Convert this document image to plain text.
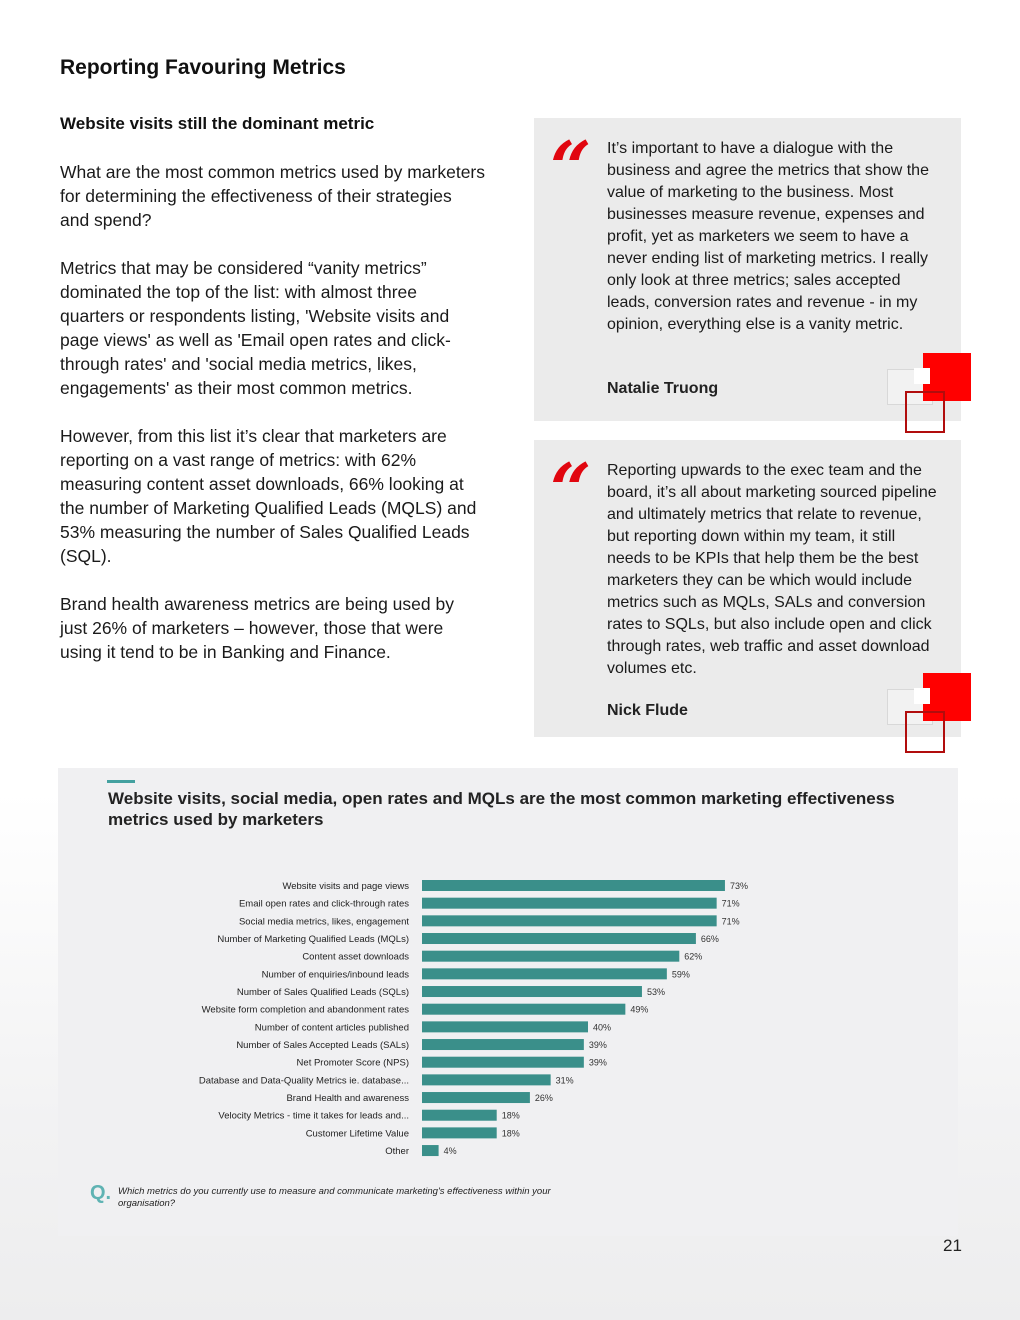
Reporting Favouring Metrics

Website visits still the dominant metric

What are the most common metrics used by marketers for determining the effectiveness of their strategies and spend?

Metrics that may be considered “vanity metrics” dominated the top of the list: with almost three quarters or respondents listing, 'Website visits and page views' as well as 'Email open rates and click-through rates' and 'social media metrics, likes, engagements' as their most common metrics.

However, from this list it’s clear that marketers are reporting on a vast range of metrics: with 62% measuring content asset downloads, 66% looking at the number of Marketing Qualified Leads (MQLS) and 53% measuring the number of Sales Qualified Leads (SQL).

Brand health awareness metrics are being used by just 26% of marketers – however, those that were using it tend to be in Banking and Finance.

“ It’s important to have a dialogue with the business and agree the metrics that show the value of marketing to the business. Most businesses measure revenue, expenses and profit, yet as marketers we seem to have a never ending list of marketing metrics. I really only look at three metrics; sales accepted leads, conversion rates and revenue - in my opinion, everything else is a vanity metric.

Natalie Truong
“ Reporting upwards to the exec team and the board, it’s all about marketing sourced pipeline and ultimately metrics that relate to revenue, but reporting down within my team, it still needs to be KPIs that help them be the best marketers they can be which would include metrics such as MQLs, SALs and conversion rates to SQLs, but also include open and click through rates, web traffic and asset download volumes etc.

Nick Flude
Website visits, social media, open rates and MQLs are the most common marketing effectiveness metrics used by marketers
Website visits and page views	73%
Email open rates and click-through rates	71%
Social media metrics, likes, engagement	71%
Number of Marketing Qualified Leads (MQLs)	66%
Content asset downloads	62%
Number of enquiries/inbound leads	59%
Number of Sales Qualified Leads (SQLs)	53%
Website form completion and abandonment rates	49%
Number of content articles published	40%
Number of Sales Accepted Leads (SALs)	39%
Net Promoter Score (NPS)	39%
Database and Data-Quality Metrics ie. database...	31%
Brand Health and awareness	26%
Velocity Metrics - time it takes for leads and...	18%
Customer Lifetime Value	18%
Other	4%
Q. Which metrics do you currently use to measure and communicate marketing's effectiveness within your organisation?

21
